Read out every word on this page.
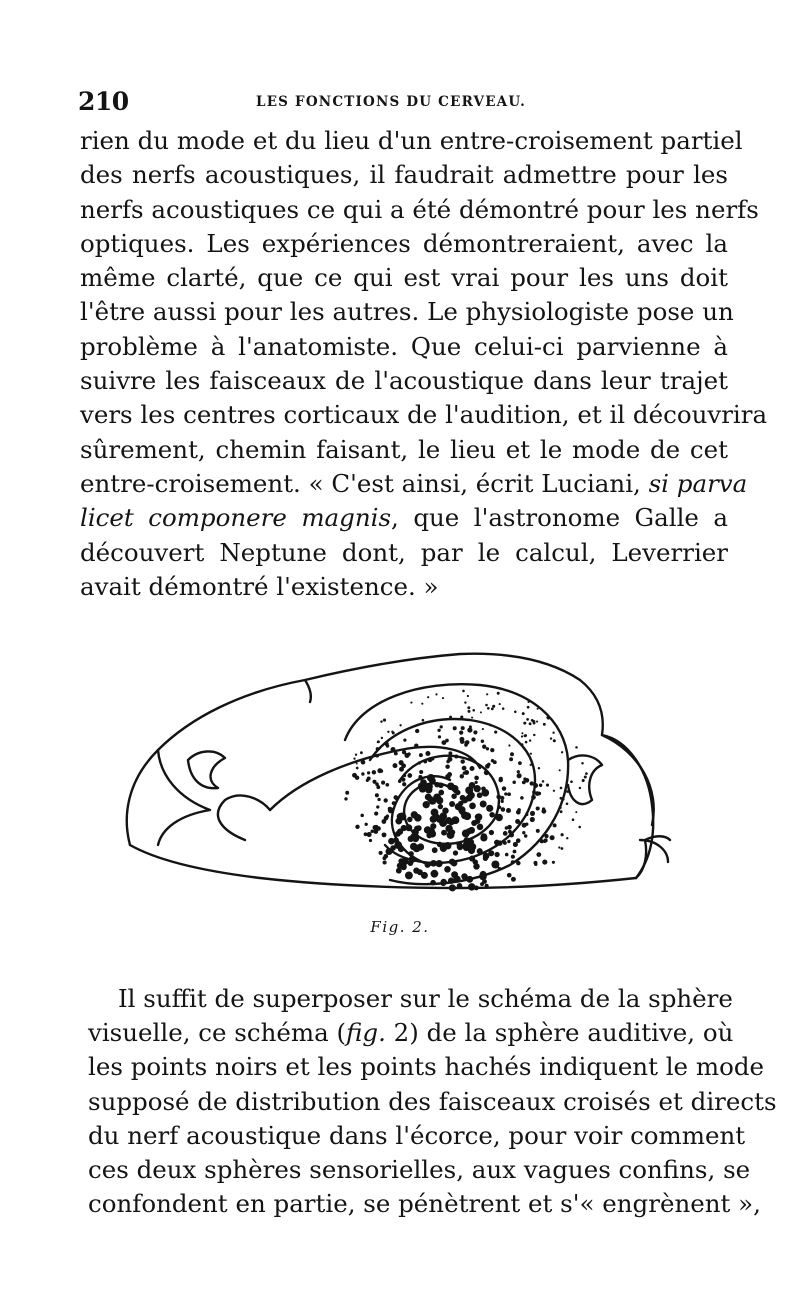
210	LES FONCTIONS DU CERVEAU.
rien du mode et du lieu d'un entre-croisement partiel
des nerfs acoustiques, il faudrait admettre pour les
nerfs acoustiques ce qui a été démontré pour les nerfs
optiques. Les expériences démontreraient, avec la
même clarté, que ce qui est vrai pour les uns doit
l'être aussi pour les autres. Le physiologiste pose un
problème à l'anatomiste. Que celui-ci parvienne à
suivre les faisceaux de l'acoustique dans leur trajet
vers les centres corticaux de l'audition, et il découvrira
sûrement, chemin faisant, le lieu et le mode de cet
entre-croisement. « C'est ainsi, écrit Luciani, si parva
licet componere magnis, que l'astronome Galle a
découvert Neptune dont, par le calcul, Leverrier
avait démontré l'existence. »
Fig. 2.
Il suffit de superposer sur le schéma de la sphère
visuelle, ce schéma (fig. 2) de la sphère auditive, où
les points noirs et les points hachés indiquent le mode
supposé de distribution des faisceaux croisés et directs
du nerf acoustique dans l'écorce, pour voir comment
ces deux sphères sensorielles, aux vagues confins, se
confondent en partie, se pénètrent et s'« engrènent »,
